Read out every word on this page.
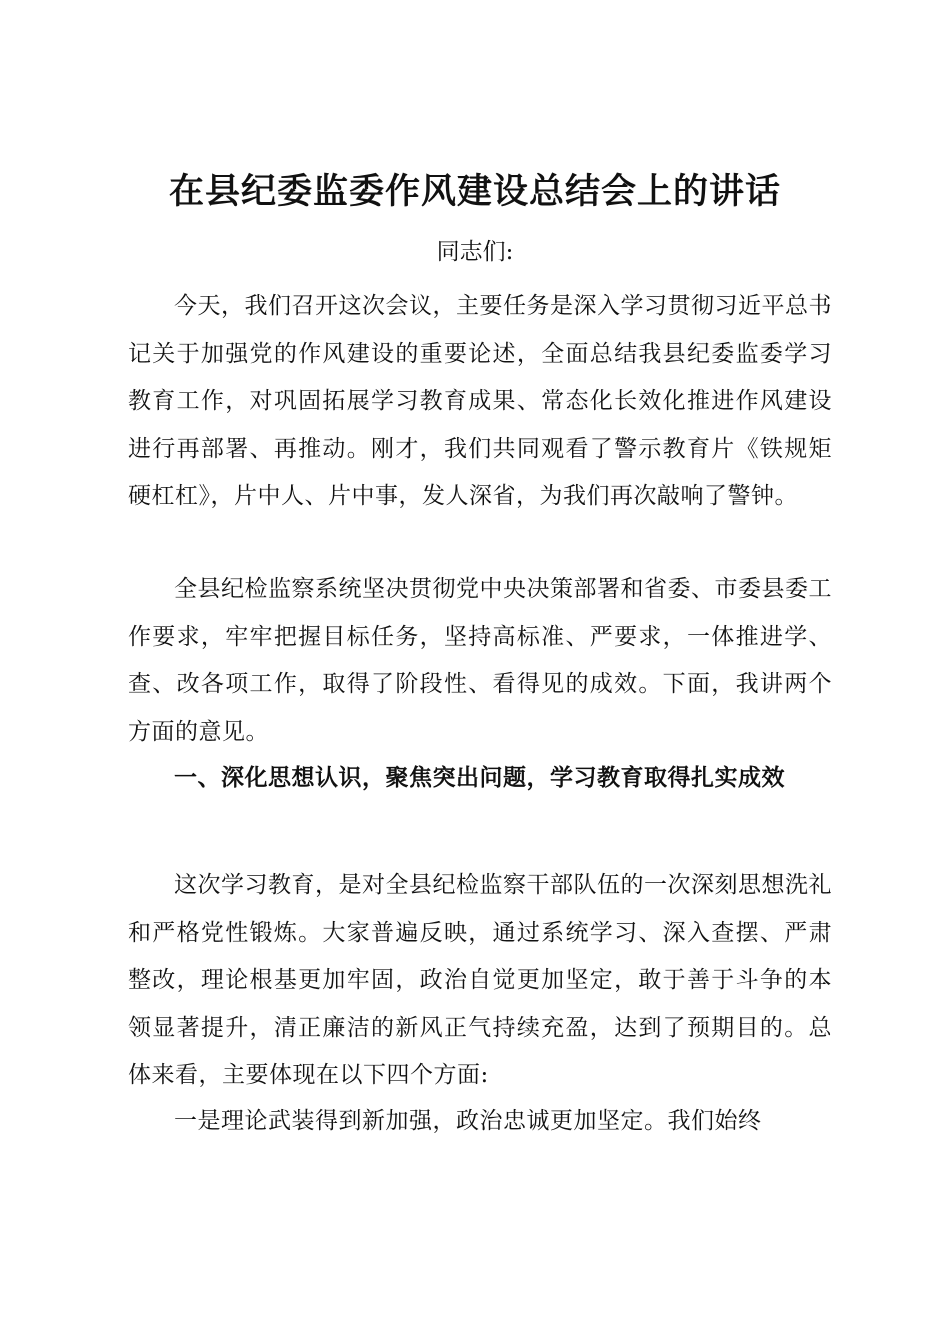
在县纪委监委作风建设总结会上的讲话

同志们:

今天，我们召开这次会议，主要任务是深入学习贯彻习近平总书记关于加强党的作风建设的重要论述，全面总结我县纪委监委学习教育工作，对巩固拓展学习教育成果、常态化长效化推进作风建设进行再部署、再推动。刚才，我们共同观看了警示教育片《铁规矩硬杠杠》，片中人、片中事，发人深省，为我们再次敲响了警钟。

全县纪检监察系统坚决贯彻党中央决策部署和省委、市委县委工作要求，牢牢把握目标任务，坚持高标准、严要求，一体推进学、查、改各项工作，取得了阶段性、看得见的成效。下面，我讲两个方面的意见。

一、深化思想认识，聚焦突出问题，学习教育取得扎实成效

这次学习教育，是对全县纪检监察干部队伍的一次深刻思想洗礼和严格党性锻炼。大家普遍反映，通过系统学习、深入查摆、严肃整改，理论根基更加牢固，政治自觉更加坚定，敢于善于斗争的本领显著提升，清正廉洁的新风正气持续充盈，达到了预期目的。总体来看，主要体现在以下四个方面:

一是理论武装得到新加强，政治忠诚更加坚定。我们始终
